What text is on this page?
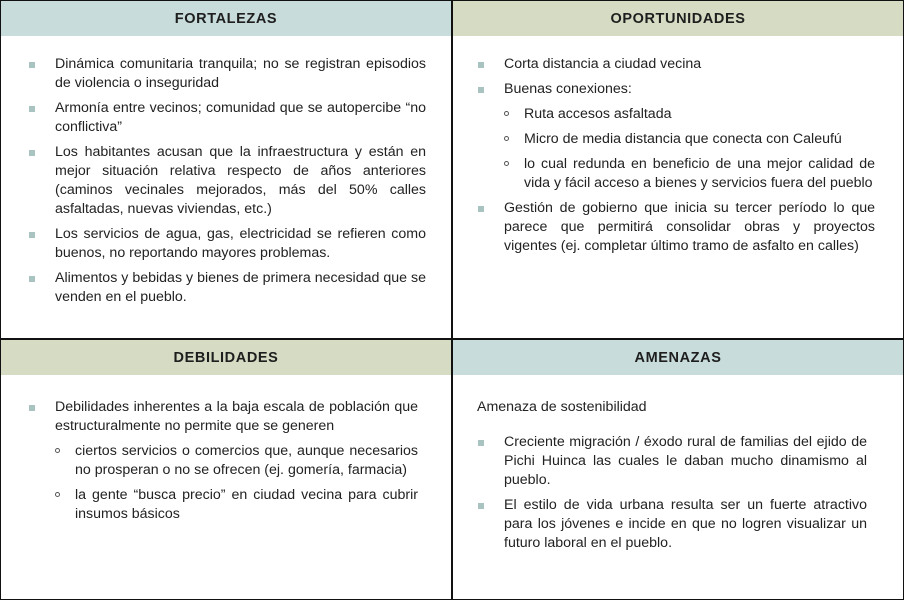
FORTALEZAS
Dinámica comunitaria tranquila; no se registran episodios de violencia o inseguridad
Armonía entre vecinos; comunidad que se autopercibe “no conflictiva”
Los habitantes acusan que la infraestructura y están en mejor situación relativa respecto de años anteriores (caminos vecinales mejorados, más del 50% calles asfaltadas, nuevas viviendas, etc.)
Los servicios de agua, gas, electricidad se refieren como buenos, no reportando mayores problemas.
Alimentos y bebidas y bienes de primera necesidad que se venden en el pueblo.
OPORTUNIDADES
Corta distancia a ciudad vecina
Buenas conexiones:
Ruta accesos asfaltada
Micro de media distancia que conecta con Caleufú
lo cual redunda en beneficio de una mejor calidad de vida y fácil acceso a bienes y servicios fuera del pueblo
Gestión de gobierno que inicia su tercer período lo que parece que permitirá consolidar obras y proyectos vigentes (ej. completar último tramo de asfalto en calles)
DEBILIDADES
Debilidades inherentes a la baja escala de población que estructuralmente no permite que se generen
ciertos servicios o comercios que, aunque necesarios no prosperan o no se ofrecen (ej. gomería, farmacia)
la gente “busca precio” en ciudad vecina para cubrir insumos básicos
AMENAZAS

Amenaza de sostenibilidad

Creciente migración / éxodo rural de familias del ejido de Pichi Huinca las cuales le daban mucho dinamismo al pueblo.
El estilo de vida urbana resulta ser un fuerte atractivo para los jóvenes e incide en que no logren visualizar un futuro laboral en el pueblo.
